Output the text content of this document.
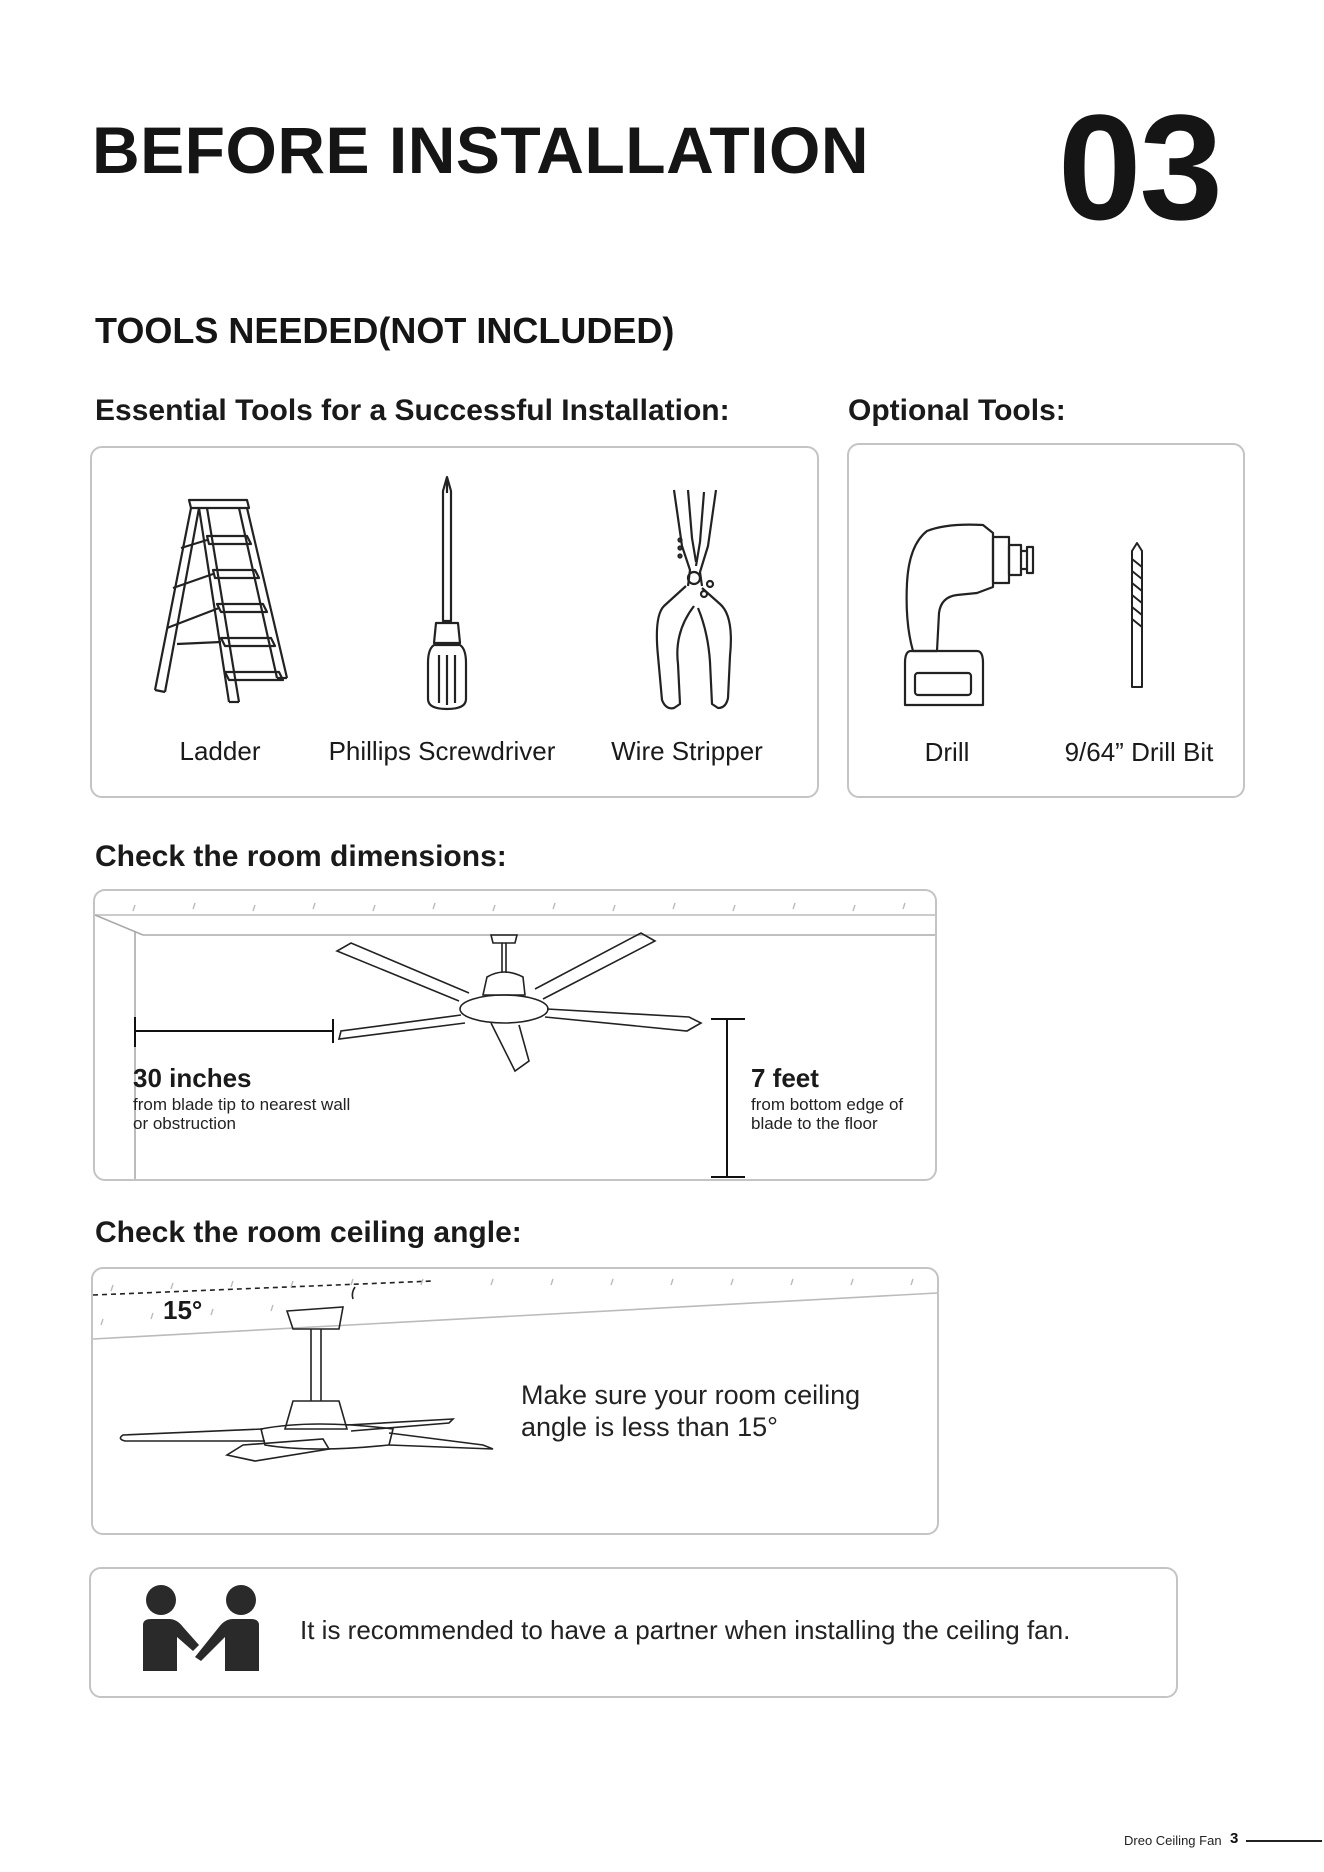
BEFORE INSTALLATION 03
TOOLS NEEDED(NOT INCLUDED)
Essential Tools for a Successful Installation:	Optional Tools:
Ladder	Phillips Screwdriver	Wire Stripper	Drill	9/64” Drill Bit
Check the room dimensions:
30 inches
from blade tip to nearest wall or obstruction
7 feet
from bottom edge of blade to the floor
Check the room ceiling angle:
15°
Make sure your room ceiling angle is less than 15°
It is recommended to have a partner when installing the ceiling fan.
Dreo Ceiling Fan 3
